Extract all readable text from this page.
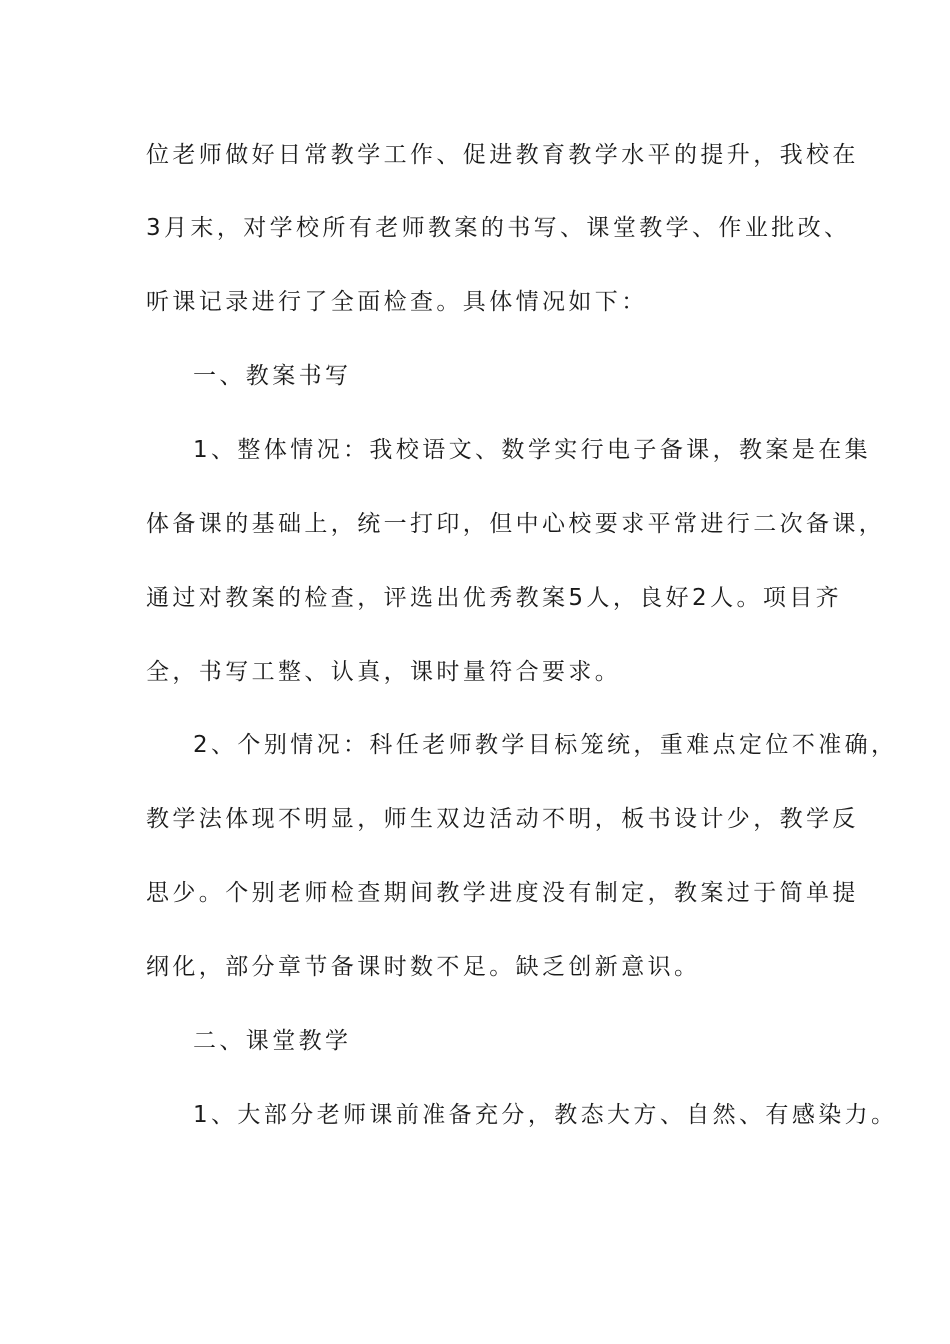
位老师做好日常教学工作、促进教育教学水平的提升，我校在
3月末，对学校所有老师教案的书写、课堂教学、作业批改、
听课记录进行了全面检查。具体情况如下：
一、教案书写
1、整体情况：我校语文、数学实行电子备课，教案是在集
体备课的基础上，统一打印，但中心校要求平常进行二次备课，
通过对教案的检查，评选出优秀教案5人，良好2人。项目齐
全，书写工整、认真，课时量符合要求。
2、个别情况：科任老师教学目标笼统，重难点定位不准确，
教学法体现不明显，师生双边活动不明，板书设计少，教学反
思少。个别老师检查期间教学进度没有制定，教案过于简单提
纲化，部分章节备课时数不足。缺乏创新意识。
二、课堂教学
1、大部分老师课前准备充分，教态大方、自然、有感染力。
